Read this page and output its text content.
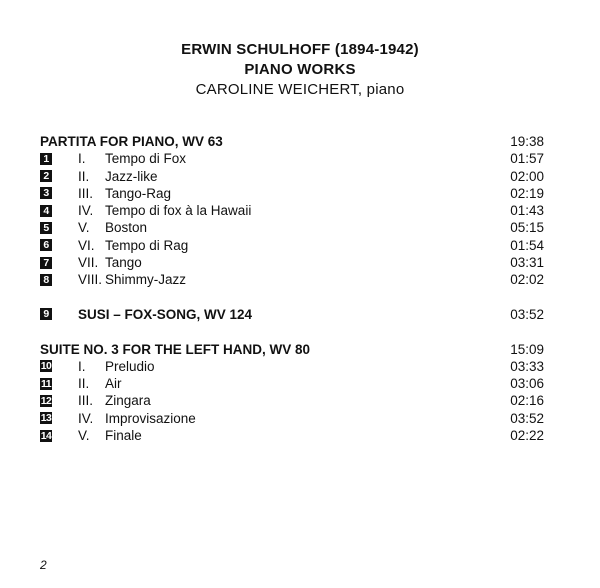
ERWIN SCHULHOFF (1894-1942)
PIANO WORKS
CAROLINE WEICHERT, piano
PARTITA FOR PIANO, WV 63	19:38
1 I. Tempo di Fox	01:57
2 II. Jazz-like	02:00
3 III. Tango-Rag	02:19
4 IV. Tempo di fox à la Hawaii	01:43
5 V. Boston	05:15
6 VI. Tempo di Rag	01:54
7 VII. Tango	03:31
8 VIII. Shimmy-Jazz	02:02
9 SUSI – FOX-SONG, WV 124	03:52
SUITE NO. 3 FOR THE LEFT HAND, WV 80	15:09
10 I. Preludio	03:33
11 II. Air	03:06
12 III. Zingara	02:16
13 IV. Improvisazione	03:52
14 V. Finale	02:22
2
